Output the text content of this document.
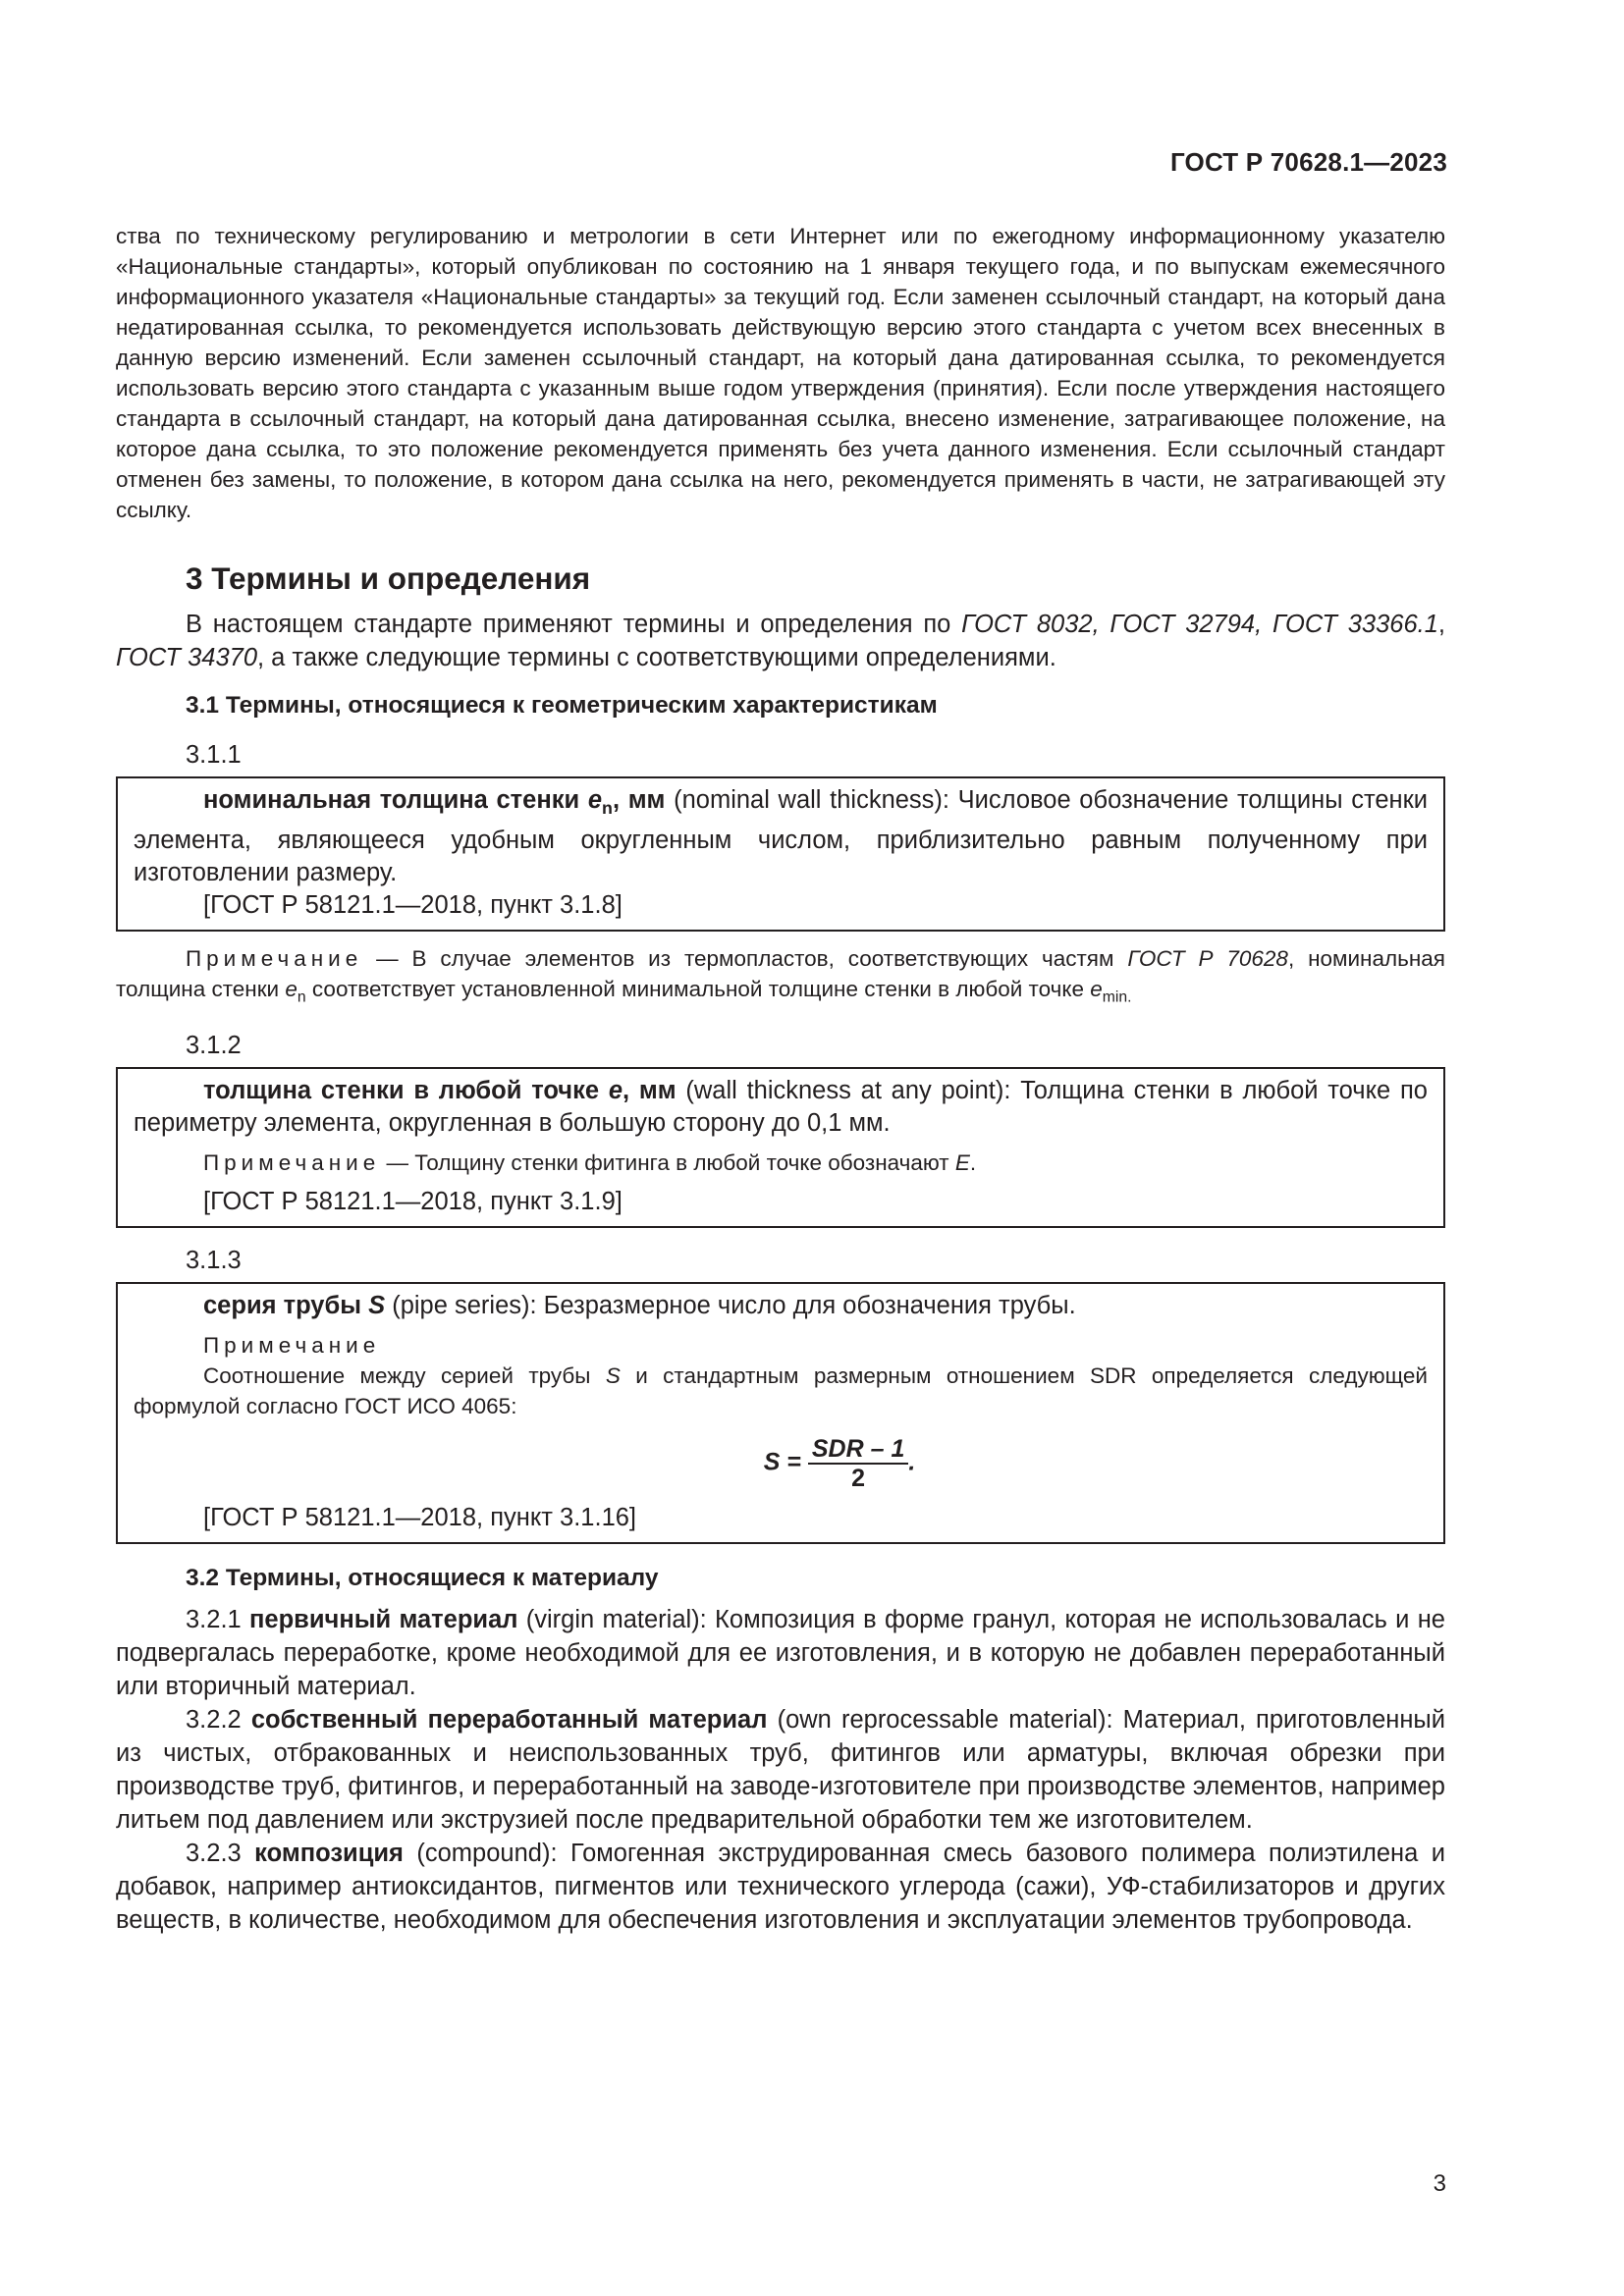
ГОСТ Р 70628.1—2023

ства по техническому регулированию и метрологии в сети Интернет или по ежегодному информационному указателю «Национальные стандарты», который опубликован по состоянию на 1 января текущего года, и по выпускам ежемесячного информационного указателя «Национальные стандарты» за текущий год. Если заменен ссылочный стандарт, на который дана недатированная ссылка, то рекомендуется использовать действующую версию этого стандарта с учетом всех внесенных в данную версию изменений. Если заменен ссылочный стандарт, на который дана датированная ссылка, то рекомендуется использовать версию этого стандарта с указанным выше годом утверждения (принятия). Если после утверждения настоящего стандарта в ссылочный стандарт, на который дана датированная ссылка, внесено изменение, затрагивающее положение, на которое дана ссылка, то это положение рекомендуется применять без учета данного изменения. Если ссылочный стандарт отменен без замены, то положение, в котором дана ссылка на него, рекомендуется применять в части, не затрагивающей эту ссылку.

3 Термины и определения

В настоящем стандарте применяют термины и определения по ГОСТ 8032, ГОСТ 32794, ГОСТ 33366.1, ГОСТ 34370, а также следующие термины с соответствующими определениями.

3.1 Термины, относящиеся к геометрическим характеристикам
3.1.1

номинальная толщина стенки $e_n$, мм (nominal wall thickness): Числовое обозначение толщины стенки элемента, являющееся удобным округленным числом, приблизительно равным полученному при изготовлении размеру.

[ГОСТ Р 58121.1—2018, пункт 3.1.8]

Примечание — В случае элементов из термопластов, соответствующих частям ГОСТ Р 70628, номинальная толщина стенки $e_n$ соответствует установленной минимальной толщине стенки в любой точке $e_{min.}$

3.1.2

толщина стенки в любой точке e, мм (wall thickness at any point): Толщина стенки в любой точке по периметру элемента, округленная в большую сторону до 0,1 мм.

Примечание — Толщину стенки фитинга в любой точке обозначают E.

[ГОСТ Р 58121.1—2018, пункт 3.1.9]

3.1.3

серия трубы S (pipe series): Безразмерное число для обозначения трубы.

Примечание

Соотношение между серией трубы S и стандартным размерным отношением SDR определяется следующей формулой согласно ГОСТ ИСО 4065:

$S = \frac{\text{SDR – 1}}{2}$ .

[ГОСТ Р 58121.1—2018, пункт 3.1.16]

3.2 Термины, относящиеся к материалу

3.2.1 первичный материал (virgin material): Композиция в форме гранул, которая не использовалась и не подвергалась переработке, кроме необходимой для ее изготовления, и в которую не добавлен переработанный или вторичный материал.

3.2.2 собственный переработанный материал (own reprocessable material): Материал, приготовленный из чистых, отбракованных и неиспользованных труб, фитингов или арматуры, включая обрезки при производстве труб, фитингов, и переработанный на заводе-изготовителе при производстве элементов, например литьем под давлением или экструзией после предварительной обработки тем же изготовителем.

3.2.3 композиция (compound): Гомогенная экструдированная смесь базового полимера полиэтилена и добавок, например антиоксидантов, пигментов или технического углерода (сажи), УФ-стабилизаторов и других веществ, в количестве, необходимом для обеспечения изготовления и эксплуатации элементов трубопровода.

3
